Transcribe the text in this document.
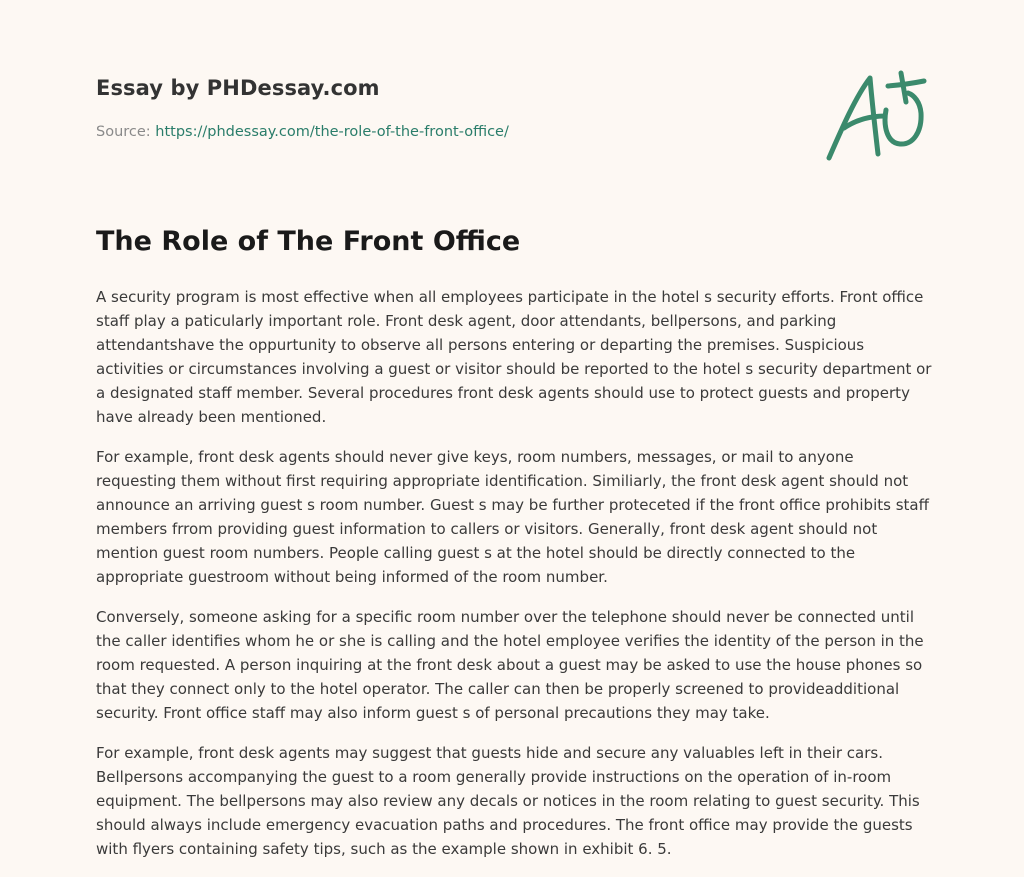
Essay by PHDessay.com
Source: https://phdessay.com/the-role-of-the-front-office/
The Role of The Front Office

A security program is most effective when all employees participate in the hotel s security efforts. Front office staff play a paticularly important role. Front desk agent, door attendants, bellpersons, and parking attendantshave the oppurtunity to observe all persons entering or departing the premises. Suspicious activities or circumstances involving a guest or visitor should be reported to the hotel s security department or a designated staff member. Several procedures front desk agents should use to protect guests and property have already been mentioned.

For example, front desk agents should never give keys, room numbers, messages, or mail to anyone requesting them without first requiring appropriate identification. Similiarly, the front desk agent should not announce an arriving guest s room number. Guest s may be further proteceted if the front office prohibits staff members frrom providing guest information to callers or visitors. Generally, front desk agent should not mention guest room numbers. People calling guest s at the hotel should be directly connected to the appropriate guestroom without being informed of the room number.

Conversely, someone asking for a specific room number over the telephone should never be connected until the caller identifies whom he or she is calling and the hotel employee verifies the identity of the person in the room requested. A person inquiring at the front desk about a guest may be asked to use the house phones so that they connect only to the hotel operator. The caller can then be properly screened to provideadditional security. Front office staff may also inform guest s of personal precautions they may take.

For example, front desk agents may suggest that guests hide and secure any valuables left in their cars. Bellpersons accompanying the guest to a room generally provide instructions on the operation of in-room equipment. The bellpersons may also review any decals or notices in the room relating to guest security. This should always include emergency evacuation paths and procedures. The front office may provide the guests with flyers containing safety tips, such as the example shown in exhibit 6. 5.
